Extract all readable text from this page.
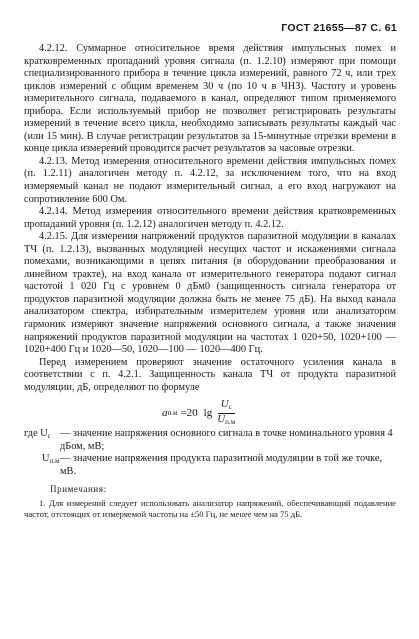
ГОСТ 21655—87 С. 61

4.2.12. Суммарное относительное время действия импульсных помех и кратковременных пропаданий уровня сигнала (п. 1.2.10) измеряют при помощи специализированного прибора в течение цикла измерений, равного 72 ч, или трех циклов измерений с общим временем 30 ч (по 10 ч в ЧНЗ). Частоту и уровень измерительного сигнала, подаваемого в канал, определяют типом применяемого прибора. Если используемый прибор не позволяет регистрировать результаты измерений в течение всего цикла, необходимо записывать результаты каждый час (или 15 мин). В случае регистрации результатов за 15-минутные отрезки времени в конце цикла измерений проводится расчет результатов за часовые отрезки.

4.2.13. Метод измерения относительного времени действия импульсных помех (п. 1.2.11) аналогичен методу п. 4.2.12, за исключением того, что на вход измеряемый канал не подают измерительный сигнал, а его вход нагружают на сопротивление 600 Ом.

4.2.14. Метод измерения относительного времени действия кратковременных пропаданий уровня (п. 1.2.12) аналогичен методу п. 4.2.12.

4.2.15. Для измерения напряжений продуктов паразитной модуляции в каналах ТЧ (п. 1.2.13), вызванных модуляцией несущих частот и искажениями сигнала помехами, возникающими в цепях питания (в оборудовании преобразования и линейном тракте), на вход канала от измерительного генератора подают сигнал частотой 1 020 Гц с уровнем 0 дБм0 (защищенность сигнала генератора от продуктов паразитной модуляции должна быть не менее 75 дБ). На выход канала анализатором спектра, избирательным измерителем уровня или анализатором гармоник измеряют значение напряжения основного сигнала, а также значения напряжений продуктов паразитной модуляции на частотах 1 020+50, 1020+100 — 1020+400 Гц и 1020—50, 1020—100 — 1020—400 Гц.

Перед измерением проверяют значение остаточного усиления канала в соответствии с п. 4.2.1. Защищенность канала ТЧ от продукта паразитной модуляции, дБ, определяют по формуле

a п.м =20 $\lg \frac{U_с}{U_{п.м}}$
где $U_с$ — значение напряжения основного сигнала в точке номинального уровня 4 дБом, мВ;
$U_{п.м}$ — значение напряжения продукта паразитной модуляции в той же точке, мВ.
Примечания:
1. Для измерений следует использовать анализатор напряжений, обеспечивающий подавление частот, отстоящих от измеряемой частоты на ±50 Гц, не менее чем на 75 дБ.
